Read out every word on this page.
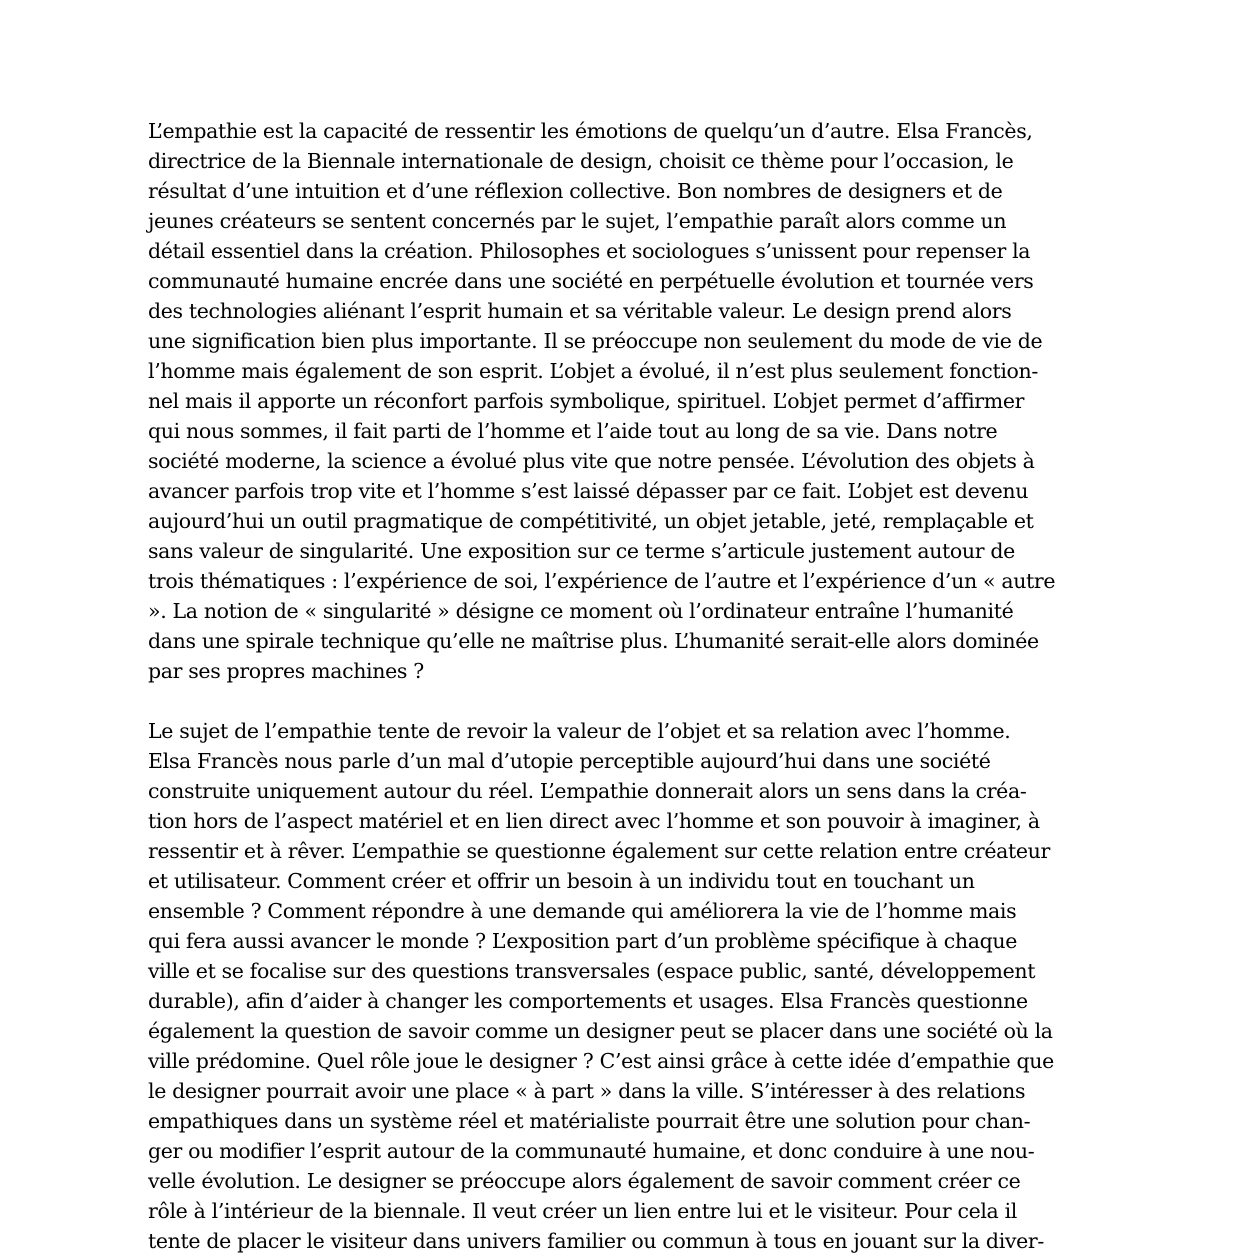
L’empathie est la capacité de ressentir les émotions de quelqu’un d’autre. Elsa Francès,
directrice de la Biennale internationale de design, choisit ce thème pour l’occasion, le
résultat d’une intuition et d’une réflexion collective. Bon nombres de designers et de
jeunes créateurs se sentent concernés par le sujet, l’empathie paraît alors comme un
détail essentiel dans la création. Philosophes et sociologues s’unissent pour repenser la
communauté humaine encrée dans une société en perpétuelle évolution et tournée vers
des technologies aliénant l’esprit humain et sa véritable valeur. Le design prend alors
une signification bien plus importante. Il se préoccupe non seulement du mode de vie de
l’homme mais également de son esprit. L’objet a évolué, il n’est plus seulement fonction-
nel mais il apporte un réconfort parfois symbolique, spirituel. L’objet permet d’affirmer
qui nous sommes, il fait parti de l’homme et l’aide tout au long de sa vie. Dans notre
société moderne, la science a évolué plus vite que notre pensée. L’évolution des objets à
avancer parfois trop vite et l’homme s’est laissé dépasser par ce fait. L’objet est devenu
aujourd’hui un outil pragmatique de compétitivité, un objet jetable, jeté, remplaçable et
sans valeur de singularité. Une exposition sur ce terme s’articule justement autour de
trois thématiques : l’expérience de soi, l’expérience de l’autre et l’expérience d’un « autre
». La notion de « singularité » désigne ce moment où l’ordinateur entraîne l’humanité
dans une spirale technique qu’elle ne maîtrise plus. L’humanité serait-elle alors dominée
par ses propres machines ?
Le sujet de l’empathie tente de revoir la valeur de l’objet et sa relation avec l’homme.
Elsa Francès nous parle d’un mal d’utopie perceptible aujourd’hui dans une société
construite uniquement autour du réel. L’empathie donnerait alors un sens dans la créa-
tion hors de l’aspect matériel et en lien direct avec l’homme et son pouvoir à imaginer, à
ressentir et à rêver. L’empathie se questionne également sur cette relation entre créateur
et utilisateur. Comment créer et offrir un besoin à un individu tout en touchant un
ensemble ? Comment répondre à une demande qui améliorera la vie de l’homme mais
qui fera aussi avancer le monde ? L’exposition part d’un problème spécifique à chaque
ville et se focalise sur des questions transversales (espace public, santé, développement
durable), afin d’aider à changer les comportements et usages. Elsa Francès questionne
également la question de savoir comme un designer peut se placer dans une société où la
ville prédomine. Quel rôle joue le designer ? C’est ainsi grâce à cette idée d’empathie que
le designer pourrait avoir une place « à part » dans la ville. S’intéresser à des relations
empathiques dans un système réel et matérialiste pourrait être une solution pour chan-
ger ou modifier l’esprit autour de la communauté humaine, et donc conduire à une nou-
velle évolution. Le designer se préoccupe alors également de savoir comment créer ce
rôle à l’intérieur de la biennale. Il veut créer un lien entre lui et le visiteur. Pour cela il
tente de placer le visiteur dans univers familier ou commun à tous en jouant sur la diver-
